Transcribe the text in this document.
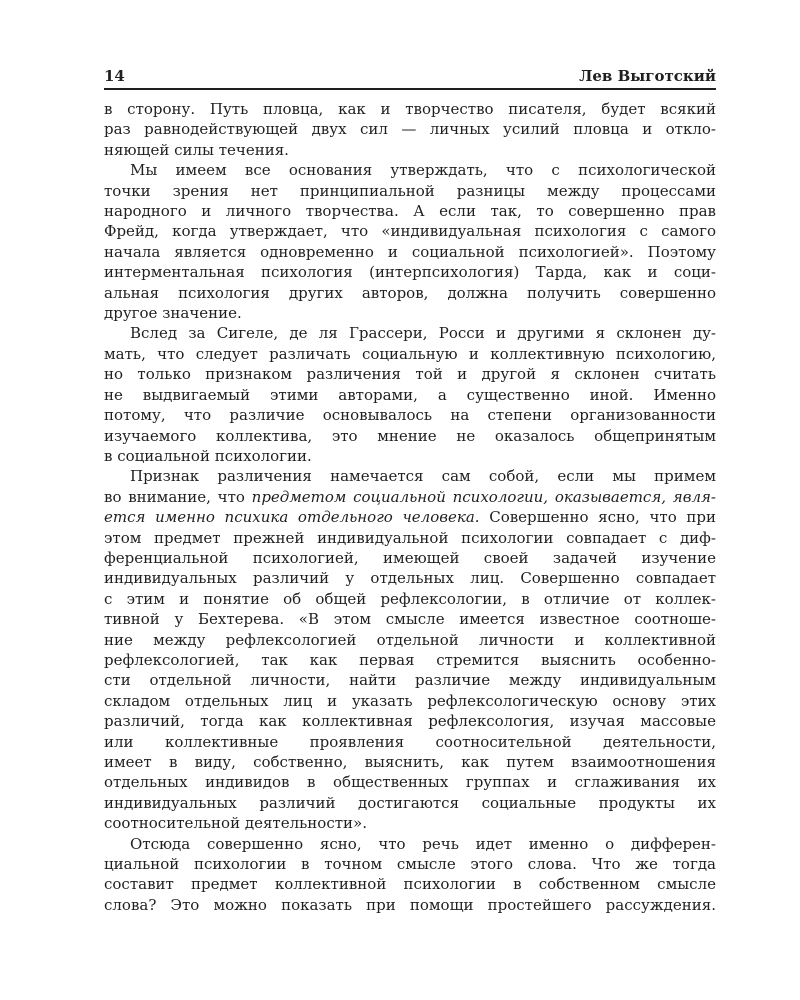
14	Лев Выготский
в сторону. Путь пловца, как и творчество писателя, будет всякий
раз равнодействующей двух сил — личных усилий пловца и откло-
няющей силы течения.
Мы имеем все основания утверждать, что с психологической
точки зрения нет принципиальной разницы между процессами
народного и личного творчества. А если так, то совершенно прав
Фрейд, когда утверждает, что «индивидуальная психология с самого
начала является одновременно и социальной психологией». Поэтому
интерментальная психология (интерпсихология) Тарда, как и соци-
альная психология других авторов, должна получить совершенно
другое значение.
Вслед за Сигеле, де ля Грассери, Росси и другими я склонен ду-
мать, что следует различать социальную и коллективную психологию,
но только признаком различения той и другой я склонен считать
не выдвигаемый этими авторами, а существенно иной. Именно
потому, что различие основывалось на степени организованности
изучаемого коллектива, это мнение не оказалось общепринятым
в социальной психологии.
Признак различения намечается сам собой, если мы примем
во внимание, что предметом социальной психологии, оказывается, явля-
ется именно психика отдельного человека. Совершенно ясно, что при
этом предмет прежней индивидуальной психологии совпадает с диф-
ференциальной психологией, имеющей своей задачей изучение
индивидуальных различий у отдельных лиц. Совершенно совпадает
с этим и понятие об общей рефлексологии, в отличие от коллек-
тивной у Бехтерева. «В этом смысле имеется известное соотноше-
ние между рефлексологией отдельной личности и коллективной
рефлексологией, так как первая стремится выяснить особенно-
сти отдельной личности, найти различие между индивидуальным
складом отдельных лиц и указать рефлексологическую основу этих
различий, тогда как коллективная рефлексология, изучая массовые
или коллективные проявления соотносительной деятельности,
имеет в виду, собственно, выяснить, как путем взаимоотношения
отдельных индивидов в общественных группах и сглаживания их
индивидуальных различий достигаются социальные продукты их
соотносительной деятельности».
Отсюда совершенно ясно, что речь идет именно о дифферен-
циальной психологии в точном смысле этого слова. Что же тогда
составит предмет коллективной психологии в собственном смысле
слова? Это можно показать при помощи простейшего рассуждения.
